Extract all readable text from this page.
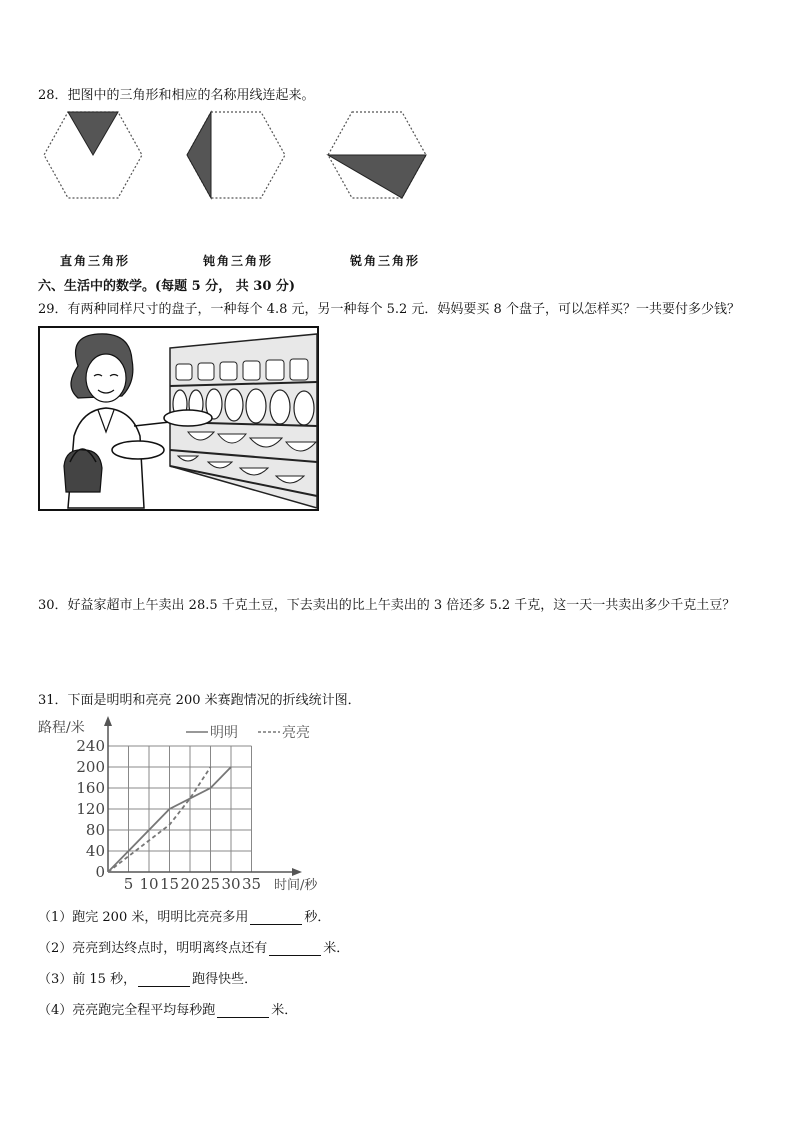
28．把图中的三角形和相应的名称用线连起来。
直角三角形	钝角三角形	锐角三角形
六、生活中的数学。(每题 5 分， 共 30 分)
29．有两种同样尺寸的盘子，一种每个 4.8 元，另一种每个 5.2 元．妈妈要买 8 个盘子，可以怎样买？一共要付多少钱？
30．好益家超市上午卖出 28.5 千克土豆，下去卖出的比上午卖出的 3 倍还多 5.2 千克，这一天一共卖出多少千克土豆？
31．下面是明明和亮亮 200 米赛跑情况的折线统计图．
路程/米
时间/秒
0
40
80
120
160
200
240
5 10 15 20 25 30 35
明明	亮亮
（1）跑完 200 米，明明比亮亮多用	秒．
（2）亮亮到达终点时，明明离终点还有	米．
（3）前 15 秒，	跑得快些．
（4）亮亮跑完全程平均每秒跑	米．
